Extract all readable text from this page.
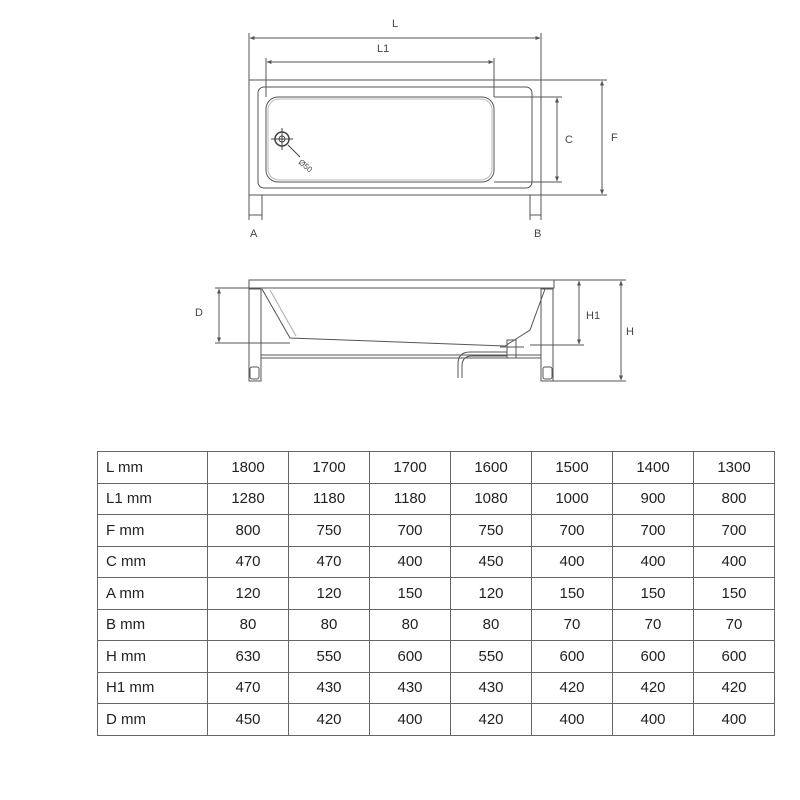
Ø50
L
L1
C	F
A	B
D	H1
H
L mm	1800	1700	1700	1600	1500	1400	1300
L1 mm	1280	1180	1180	1080	1000	900	800
F mm	800	750	700	750	700	700	700
C mm	470	470	400	450	400	400	400
A mm	120	120	150	120	150	150	150
B mm	80	80	80	80	70	70	70
H mm	630	550	600	550	600	600	600
H1 mm	470	430	430	430	420	420	420
D mm	450	420	400	420	400	400	400
